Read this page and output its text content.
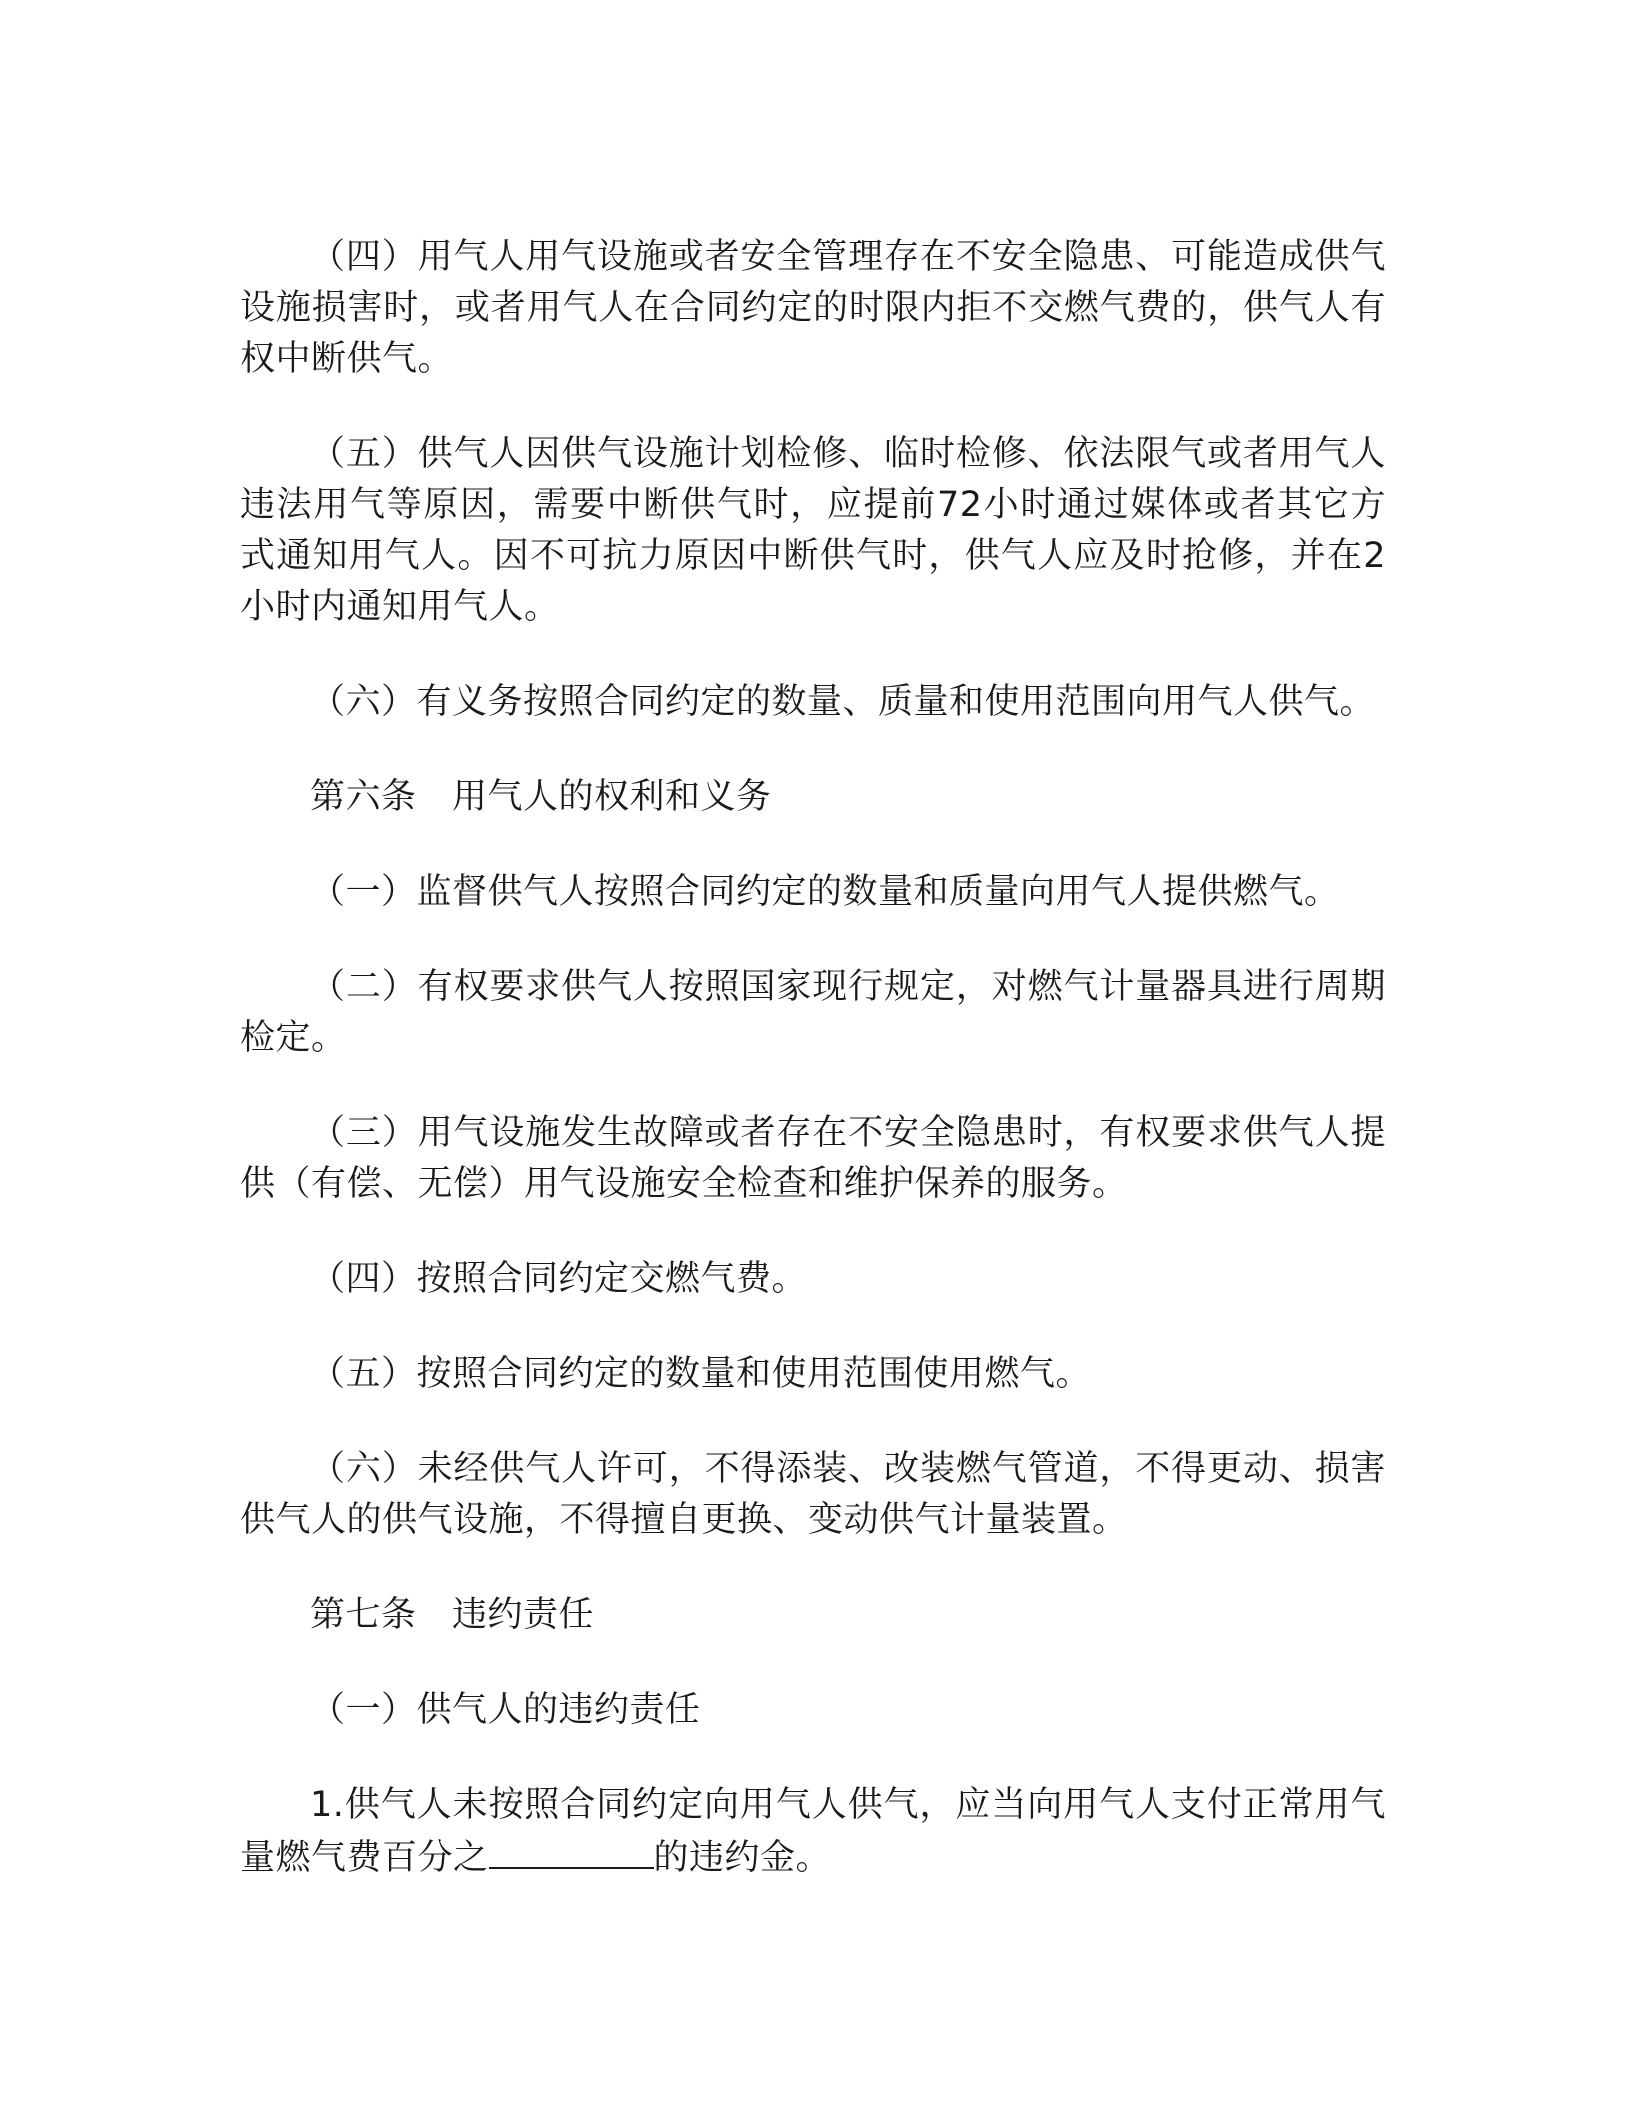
（四）用气人用气设施或者安全管理存在不安全隐患、可能造成供气设施损害时，或者用气人在合同约定的时限内拒不交燃气费的，供气人有权中断供气。

（五）供气人因供气设施计划检修、临时检修、依法限气或者用气人违法用气等原因，需要中断供气时，应提前72小时通过媒体或者其它方式通知用气人。因不可抗力原因中断供气时，供气人应及时抢修，并在2小时内通知用气人。

（六）有义务按照合同约定的数量、质量和使用范围向用气人供气。

第六条　用气人的权利和义务

（一）监督供气人按照合同约定的数量和质量向用气人提供燃气。

（二）有权要求供气人按照国家现行规定，对燃气计量器具进行周期检定。

（三）用气设施发生故障或者存在不安全隐患时，有权要求供气人提供（有偿、无偿）用气设施安全检查和维护保养的服务。

（四）按照合同约定交燃气费。

（五）按照合同约定的数量和使用范围使用燃气。

（六）未经供气人许可，不得添装、改装燃气管道，不得更动、损害供气人的供气设施，不得擅自更换、变动供气计量装置。

第七条　违约责任

（一）供气人的违约责任

1.供气人未按照合同约定向用气人供气，应当向用气人支付正常用气量燃气费百分之	的违约金。
